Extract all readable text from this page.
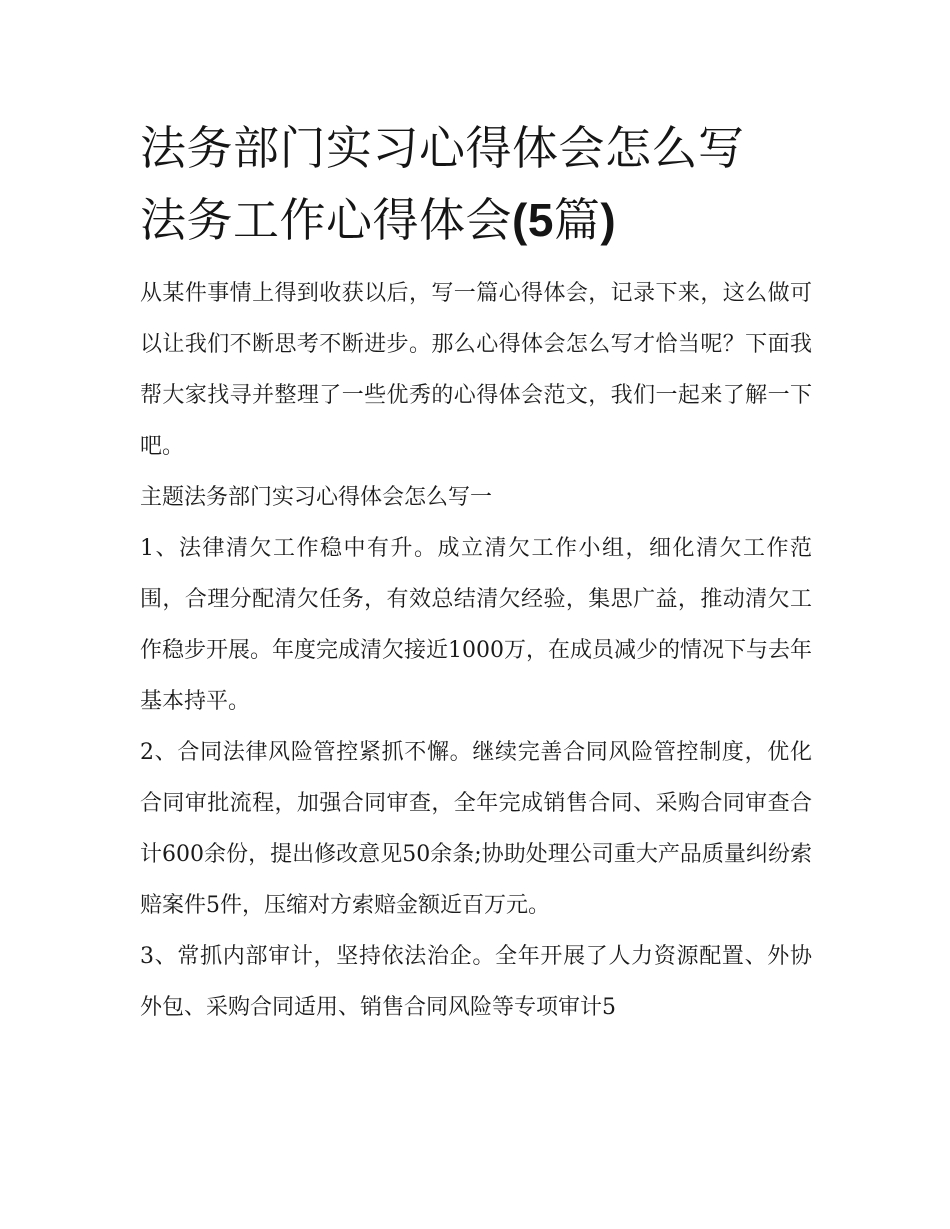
法务部门实习心得体会怎么写
法务工作心得体会(5篇)

从某件事情上得到收获以后，写一篇心得体会，记录下来，这么做可以让我们不断思考不断进步。那么心得体会怎么写才恰当呢？下面我帮大家找寻并整理了一些优秀的心得体会范文，我们一起来了解一下吧。

主题法务部门实习心得体会怎么写一

1、法律清欠工作稳中有升。成立清欠工作小组，细化清欠工作范围，合理分配清欠任务，有效总结清欠经验，集思广益，推动清欠工作稳步开展。年度完成清欠接近1000万，在成员减少的情况下与去年基本持平。

2、合同法律风险管控紧抓不懈。继续完善合同风险管控制度，优化合同审批流程，加强合同审查，全年完成销售合同、采购合同审查合计600余份，提出修改意见50余条;协助处理公司重大产品质量纠纷索赔案件5件，压缩对方索赔金额近百万元。

3、常抓内部审计，坚持依法治企。全年开展了人力资源配置、外协外包、采购合同适用、销售合同风险等专项审计5
